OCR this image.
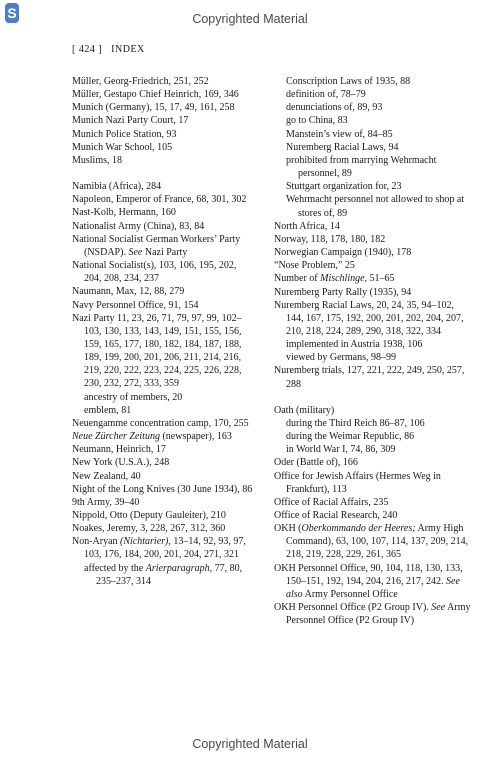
S	Copyrighted Material
[ 424 ] INDEX
Müller, Georg-Friedrich, 251, 252
Müller, Gestapo Chief Heinrich, 169, 346
Munich (Germany), 15, 17, 49, 161, 258
Munich Nazi Party Court, 17
Munich Police Station, 93
Munich War School, 105
Muslims, 18
Namibia (Africa), 284
Napoleon, Emperor of France, 68, 301, 302
Nast-Kolb, Hermann, 160
Nationalist Army (China), 83, 84
National Socialist German Workers’ Party (NSDAP). See Nazi Party
National Socialist(s), 103, 106, 195, 202, 204, 208, 234, 237
Naumann, Max, 12, 88, 279
Navy Personnel Office, 91, 154
Nazi Party 11, 23, 26, 71, 79, 97, 99, 102–103, 130, 133, 143, 149, 151, 155, 156, 159, 165, 177, 180, 182, 184, 187, 188, 189, 199, 200, 201, 206, 211, 214, 216, 219, 220, 222, 223, 224, 225, 226, 228, 230, 232, 272, 333, 359
ancestry of members, 20
emblem, 81
Neuengamme concentration camp, 170, 255
Neue Zürcher Zeitung (newspaper), 163
Neumann, Heinrich, 17
New York (U.S.A.), 248
New Zealand, 40
Night of the Long Knives (30 June 1934), 86
9th Army, 39–40
Nippold, Otto (Deputy Gauleiter), 210
Noakes, Jeremy, 3, 228, 267, 312, 360
Non-Aryan (Nichtarier), 13–14, 92, 93, 97, 103, 176, 184, 200, 201, 204, 271, 321
affected by the Arierparagraph, 77, 80, 235–237, 314
Conscription Laws of 1935, 88
definition of, 78–79
denunciations of, 89, 93
go to China, 83
Manstein’s view of, 84–85
Nuremberg Racial Laws, 94
prohibited from marrying Wehrmacht personnel, 89
Stuttgart organization for, 23
Wehrmacht personnel not allowed to shop at stores of, 89
North Africa, 14
Norway, 118, 178, 180, 182
Norwegian Campaign (1940), 178
“Nose Problem,” 25
Number of Mischlinge, 51–65
Nuremberg Party Rally (1935), 94
Nuremberg Racial Laws, 20, 24, 35, 94–102, 144, 167, 175, 192, 200, 201, 202, 204, 207, 210, 218, 224, 289, 290, 318, 322, 334
implemented in Austria 1938, 106
viewed by Germans, 98–99
Nuremberg trials, 127, 221, 222, 249, 250, 257, 288
Oath (military)
during the Third Reich 86–87, 106
during the Weimar Republic, 86
in World War I, 74, 86, 309
Oder (Battle of), 166
Office for Jewish Affairs (Hermes Weg in Frankfurt), 113
Office of Racial Affairs, 235
Office of Racial Research, 240
OKH (Oberkommando der Heeres; Army High Command), 63, 100, 107, 114, 137, 209, 214, 218, 219, 228, 229, 261, 365
OKH Personnel Office, 90, 104, 118, 130, 133, 150–151, 192, 194, 204, 216, 217, 242. See also Army Personnel Office
OKH Personnel Office (P2 Group IV). See Army Personnel Office (P2 Group IV)
Copyrighted Material
